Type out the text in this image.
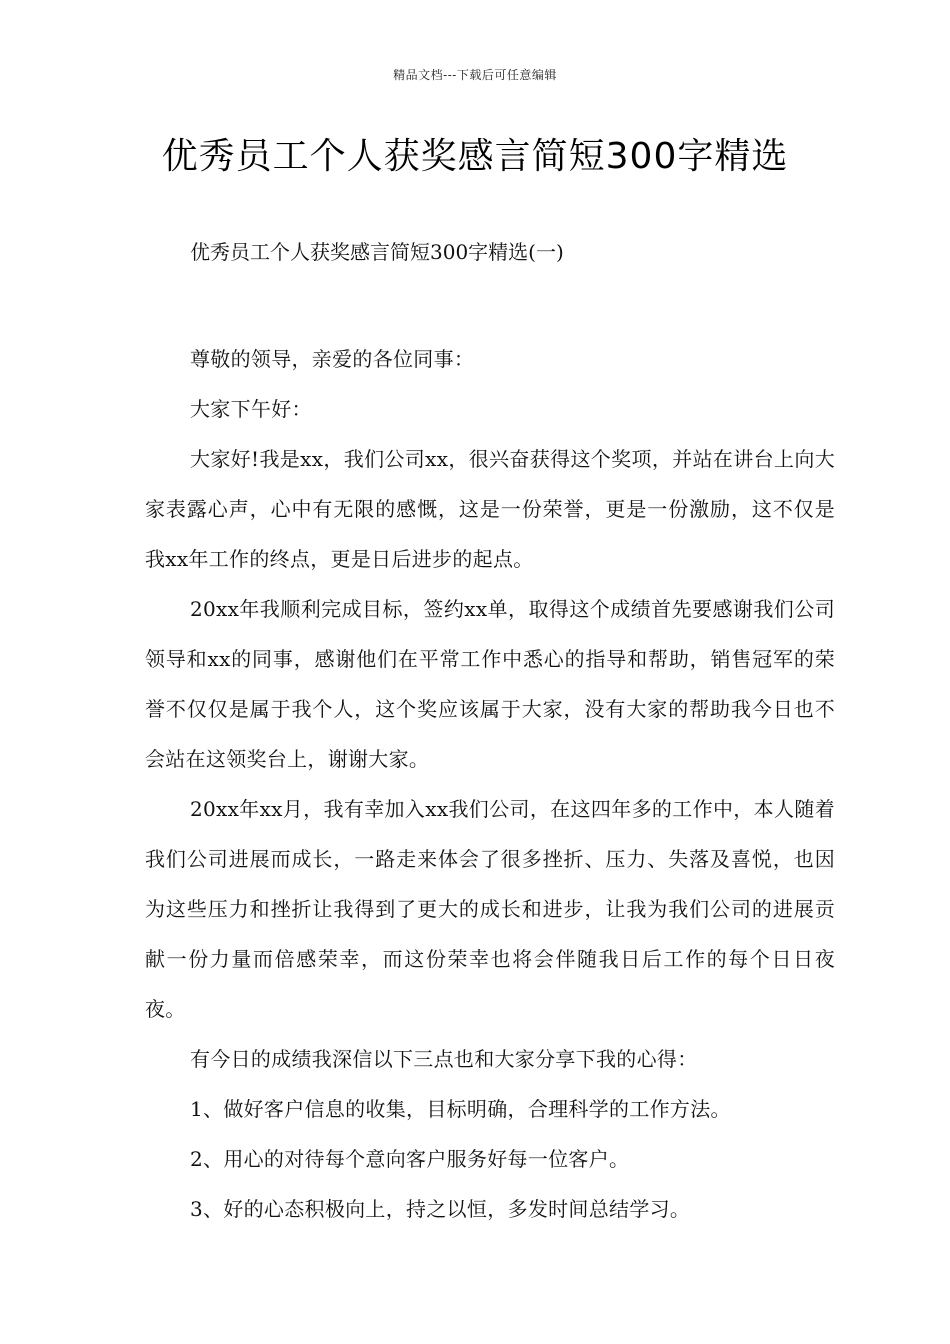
精品文档---下载后可任意编辑
优秀员工个人获奖感言简短300字精选

优秀员工个人获奖感言简短300字精选(一)

尊敬的领导，亲爱的各位同事：

大家下午好：

大家好!我是xx，我们公司xx，很兴奋获得这个奖项，并站在讲台上向大家表露心声，心中有无限的感慨，这是一份荣誉，更是一份激励，这不仅是我xx年工作的终点，更是日后进步的起点。

20xx年我顺利完成目标，签约xx单，取得这个成绩首先要感谢我们公司领导和xx的同事，感谢他们在平常工作中悉心的指导和帮助，销售冠军的荣誉不仅仅是属于我个人，这个奖应该属于大家，没有大家的帮助我今日也不会站在这领奖台上，谢谢大家。

20xx年xx月，我有幸加入xx我们公司，在这四年多的工作中，本人随着我们公司进展而成长，一路走来体会了很多挫折、压力、失落及喜悦，也因为这些压力和挫折让我得到了更大的成长和进步，让我为我们公司的进展贡献一份力量而倍感荣幸，而这份荣幸也将会伴随我日后工作的每个日日夜夜。

有今日的成绩我深信以下三点也和大家分享下我的心得：

1、做好客户信息的收集，目标明确，合理科学的工作方法。

2、用心的对待每个意向客户服务好每一位客户。

3、好的心态积极向上，持之以恒，多发时间总结学习。
